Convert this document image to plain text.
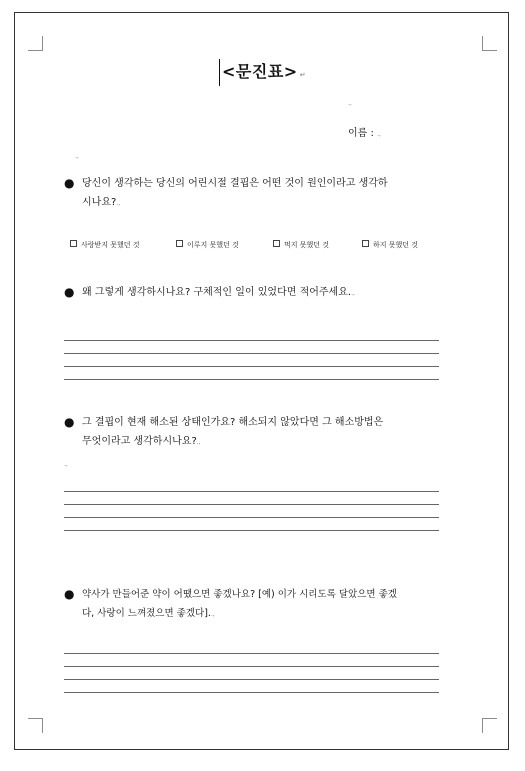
<문진표> ↵
.,
이름 : .,
.,
● 당신이 생각하는 당신의 어린시절 결핍은 어떤 것이 원인이라고 생각하
시나요?.,
사랑받지 못했던 것	이루지 못했던 것	먹지 못했던 것	하지 못했던 것
● 왜 그렇게 생각하시나요? 구체적인 일이 있었다면 적어주세요..,
● 그 결핍이 현재 해소된 상태인가요? 해소되지 않았다면 그 해소방법은
무엇이라고 생각하시나요?.,
.,
● 약사가 만들어준 약이 어땠으면 좋겠나요? [예) 이가 시리도록 달았으면 좋겠
다, 사랑이 느껴졌으면 좋겠다]..,
